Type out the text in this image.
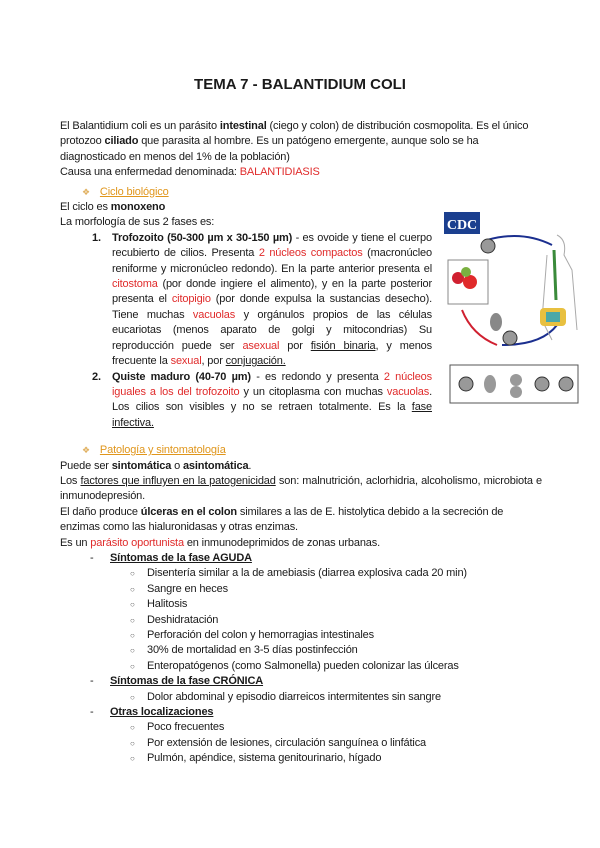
TEMA 7 - BALANTIDIUM COLI

El Balantidium coli es un parásito intestinal (ciego y colon) de distribución cosmopolita. Es el único protozoo ciliado que parasita al hombre. Es un patógeno emergente, aunque solo se ha diagnosticado en menos del 1% de la población)

Causa una enfermedad denominada: BALANTIDIASIS

❖ Ciclo biológico

El ciclo es monoxeno

La morfología de sus 2 fases es:

1.	Trofozoito (50-300 µm x 30-150 µm) - es ovoide y tiene el cuerpo recubierto de cilios. Presenta 2 núcleos compactos (macronúcleo reniforme y micronúcleo redondo). En la parte anterior presenta el citostoma (por donde ingiere el alimento), y en la parte posterior presenta el citopigio (por donde expulsa la sustancias desecho). Tiene muchas vacuolas y orgánulos propios de las células eucariotas (menos aparato de golgi y mitocondrias) Su reproducción puede ser asexual por fisión binaria, y menos frecuente la sexual, por conjugación.
2.	Quiste maduro (40-70 µm) - es redondo y presenta 2 núcleos iguales a los del trofozoito y un citoplasma con muchas vacuolas. Los cilios son visibles y no se retraen totalmente. Es la fase infectiva.
❖ Patología y sintomatología

Puede ser sintomática o asintomática.

Los factores que influyen en la patogenicidad son: malnutrición, aclorhidria, alcoholismo, microbiota e inmunodepresión.

El daño produce úlceras en el colon similares a las de E. histolytica debido a la secreción de enzimas como las hialuronidasas y otras enzimas.

Es un parásito oportunista en inmunodeprimidos de zonas urbanas.

-	Síntomas de la fase AGUDA
○	Disentería similar a la de amebiasis (diarrea explosiva cada 20 min)
○	Sangre en heces
○	Halitosis
○	Deshidratación
○	Perforación del colon y hemorragias intestinales
○	30% de mortalidad en 3-5 días postinfección
○	Enteropatógenos (como Salmonella) pueden colonizar las úlceras
-	Síntomas de la fase CRÓNICA
○	Dolor abdominal y episodio diarreicos intermitentes sin sangre
-	Otras localizaciones
○	Poco frecuentes
○	Por extensión de lesiones, circulación sanguínea o linfática
○	Pulmón, apéndice, sistema genitourinario, hígado
CDC
